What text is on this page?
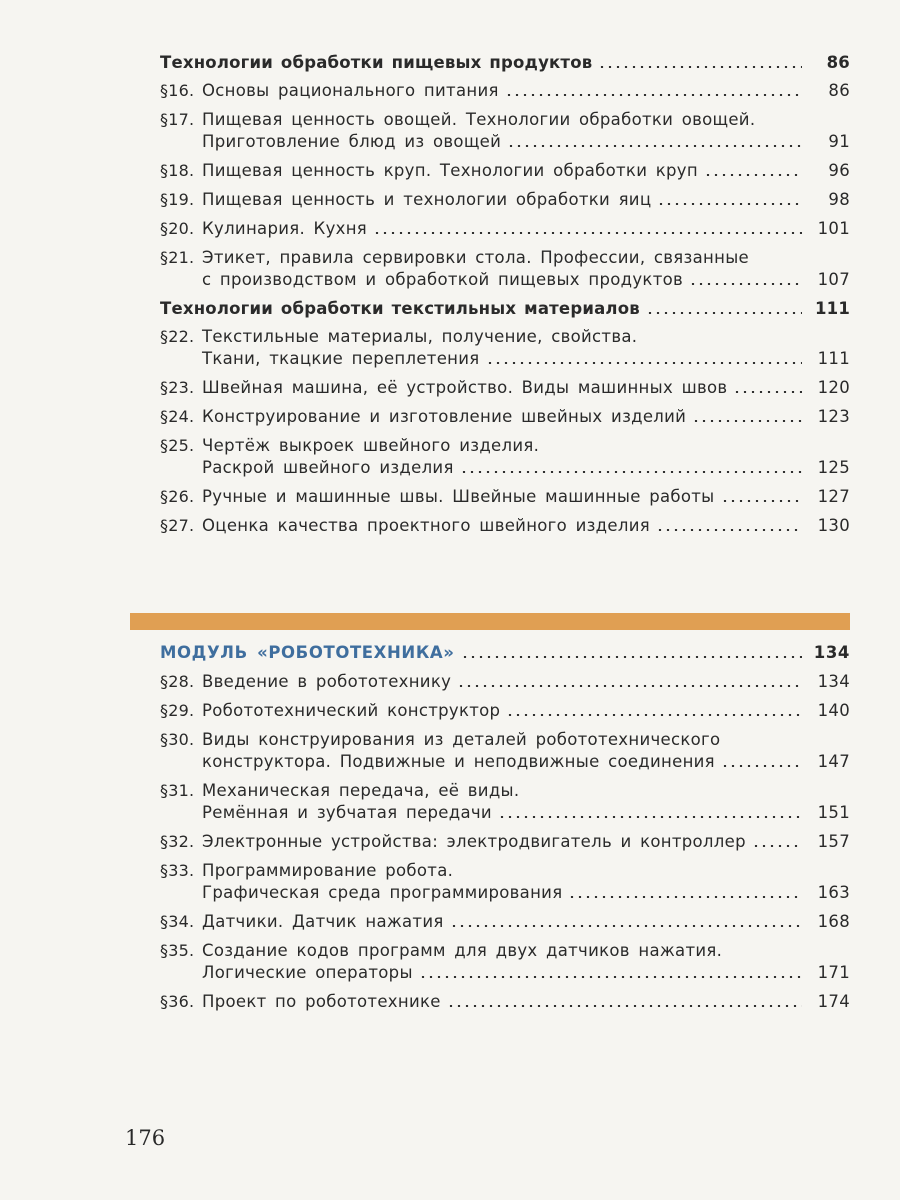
Технологии обработки пищевых продуктов	86
§16. Основы рационального питания	86
§17. Пищевая ценность овощей. Технологии обработки овощей.
Приготовление блюд из овощей	91
§18. Пищевая ценность круп. Технологии обработки круп	96
§19. Пищевая ценность и технологии обработки яиц	98
§20. Кулинария. Кухня	101
§21. Этикет, правила сервировки стола. Профессии, связанные
с производством и обработкой пищевых продуктов	107
Технологии обработки текстильных материалов	111
§22. Текстильные материалы, получение, свойства.
Ткани, ткацкие переплетения	111
§23. Швейная машина, её устройство. Виды машинных швов	120
§24. Конструирование и изготовление швейных изделий	123
§25. Чертёж выкроек швейного изделия.
Раскрой швейного изделия	125
§26. Ручные и машинные швы. Швейные машинные работы	127
§27. Оценка качества проектного швейного изделия	130
МОДУЛЬ «РОБОТОТЕХНИКА»	134
§28. Введение в робототехнику	134
§29. Робототехнический конструктор	140
§30. Виды конструирования из деталей робототехнического
конструктора. Подвижные и неподвижные соединения	147
§31. Механическая передача, её виды.
Ремённая и зубчатая передачи	151
§32. Электронные устройства: электродвигатель и контроллер	157
§33. Программирование робота.
Графическая среда программирования	163
§34. Датчики. Датчик нажатия	168
§35. Создание кодов программ для двух датчиков нажатия.
Логические операторы	171
§36. Проект по робототехнике	174
176
